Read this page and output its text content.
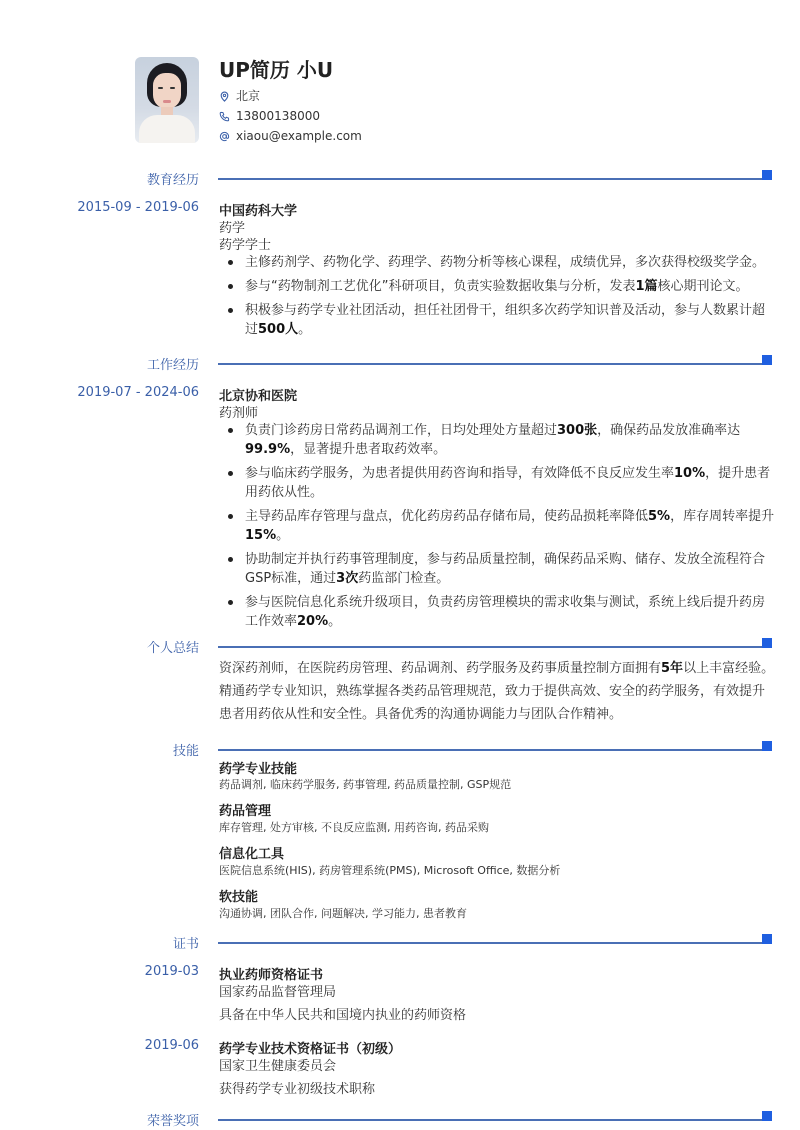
UP简历 小U
北京
13800138000
xiaou@example.com
教育经历
2015-09 - 2019-06 中国药科大学
药学
药学学士
主修药剂学、药物化学、药理学、药物分析等核心课程，成绩优异，多次获得校级奖学金。
参与“药物制剂工艺优化”科研项目，负责实验数据收集与分析，发表1篇核心期刊论文。
积极参与药学专业社团活动，担任社团骨干，组织多次药学知识普及活动，参与人数累计超过500人。
工作经历
2019-07 - 2024-06 北京协和医院
药剂师
负责门诊药房日常药品调剂工作，日均处理处方量超过300张，确保药品发放准确率达
99.9%，显著提升患者取药效率。
参与临床药学服务，为患者提供用药咨询和指导，有效降低不良反应发生率10%，提升患者用药依从性。
主导药品库存管理与盘点，优化药房药品存储布局，使药品损耗率降低5%，库存周转率提升15%。
协助制定并执行药事管理制度，参与药品质量控制，确保药品采购、储存、发放全流程符合GSP标准，通过3次药监部门检查。
参与医院信息化系统升级项目，负责药房管理模块的需求收集与测试，系统上线后提升药房工作效率20%。
个人总结
资深药剂师，在医院药房管理、药品调剂、药学服务及药事质量控制方面拥有5年以上丰富经验。精通药学专业知识，熟练掌握各类药品管理规范，致力于提供高效、安全的药学服务，有效提升患者用药依从性和安全性。具备优秀的沟通协调能力与团队合作精神。
技能
药学专业技能
药品调剂, 临床药学服务, 药事管理, 药品质量控制, GSP规范
药品管理
库存管理, 处方审核, 不良反应监测, 用药咨询, 药品采购
信息化工具
医院信息系统(HIS), 药房管理系统(PMS), Microsoft Office, 数据分析
软技能
沟通协调, 团队合作, 问题解决, 学习能力, 患者教育
证书
2019-03 执业药师资格证书
国家药品监督管理局
具备在中华人民共和国境内执业的药师资格
2019-06 药学专业技术资格证书（初级）
国家卫生健康委员会
获得药学专业初级技术职称
荣誉奖项
